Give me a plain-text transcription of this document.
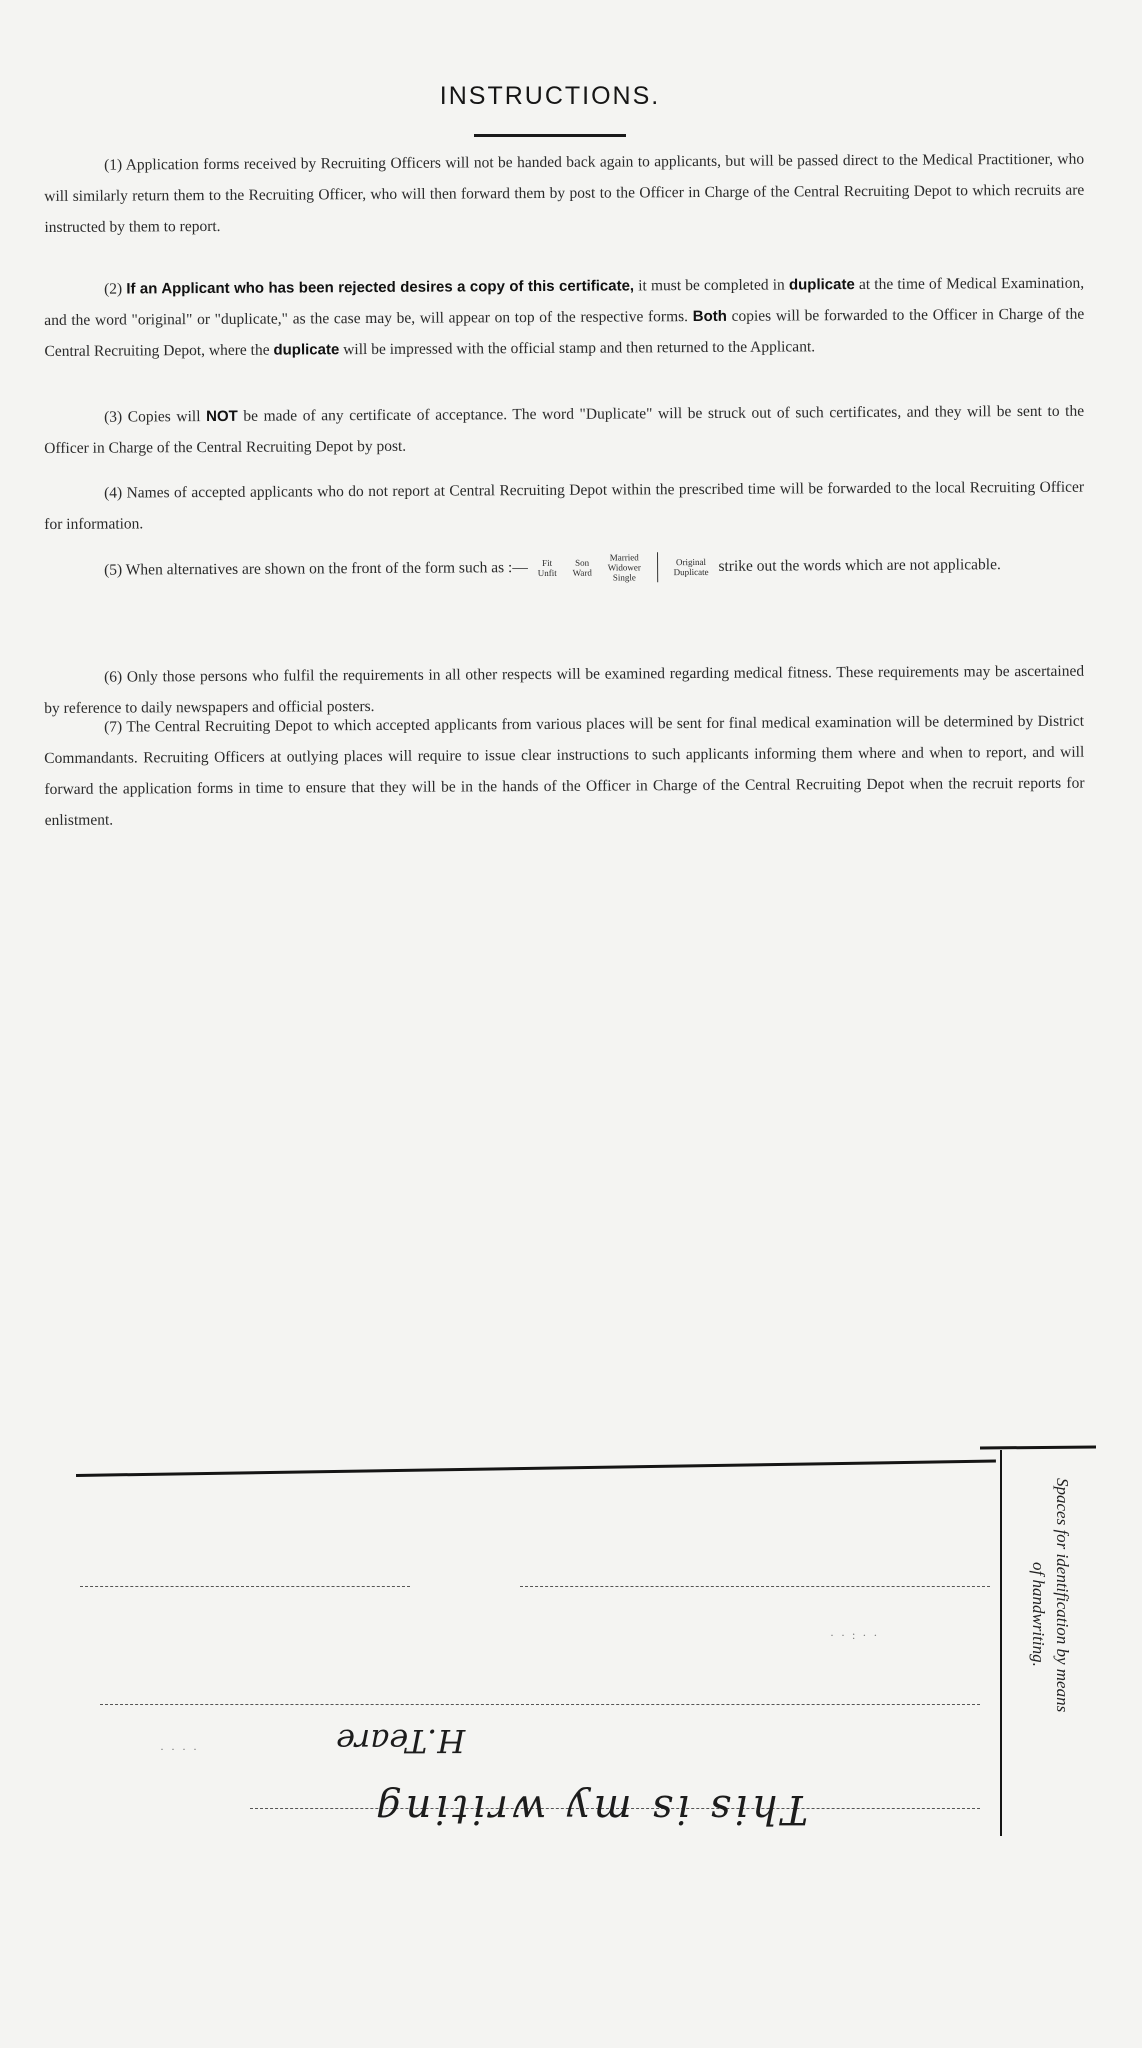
INSTRUCTIONS.
(1) Application forms received by Recruiting Officers will not be handed back again to applicants, but will be passed direct to the Medical Practitioner, who will similarly return them to the Recruiting Officer, who will then forward them by post to the Officer in Charge of the Central Recruiting Depot to which recruits are instructed by them to report.
(2) If an Applicant who has been rejected desires a copy of this certificate, it must be completed in duplicate at the time of Medical Examination, and the word "original" or "duplicate," as the case may be, will appear on top of the respective forms. Both copies will be forwarded to the Officer in Charge of the Central Recruiting Depot, where the duplicate will be impressed with the official stamp and then returned to the Applicant.
(3) Copies will NOT be made of any certificate of acceptance. The word "Duplicate" will be struck out of such certificates, and they will be sent to the Officer in Charge of the Central Recruiting Depot by post.
(4) Names of accepted applicants who do not report at Central Recruiting Depot within the prescribed time will be forwarded to the local Recruiting Officer for information.
(5) When alternatives are shown on the front of the form such as :— Fit
Unfit Son
Ward Married
Widower
Single  Original
Duplicate strike out the words which are not applicable.
(6) Only those persons who fulfil the requirements in all other respects will be examined regarding medical fitness. These requirements may be ascertained by reference to daily newspapers and official posters.
(7) The Central Recruiting Depot to which accepted applicants from various places will be sent for final medical examination will be determined by District Commandants. Recruiting Officers at outlying places will require to issue clear instructions to such applicants informing them where and when to report, and will forward the application forms in time to ensure that they will be in the hands of the Officer in Charge of the Central Recruiting Depot when the recruit reports for enlistment.
· · : · ·
· · · ·	H.Teare
This is my writing
Spaces for identification by means
of handwriting.
